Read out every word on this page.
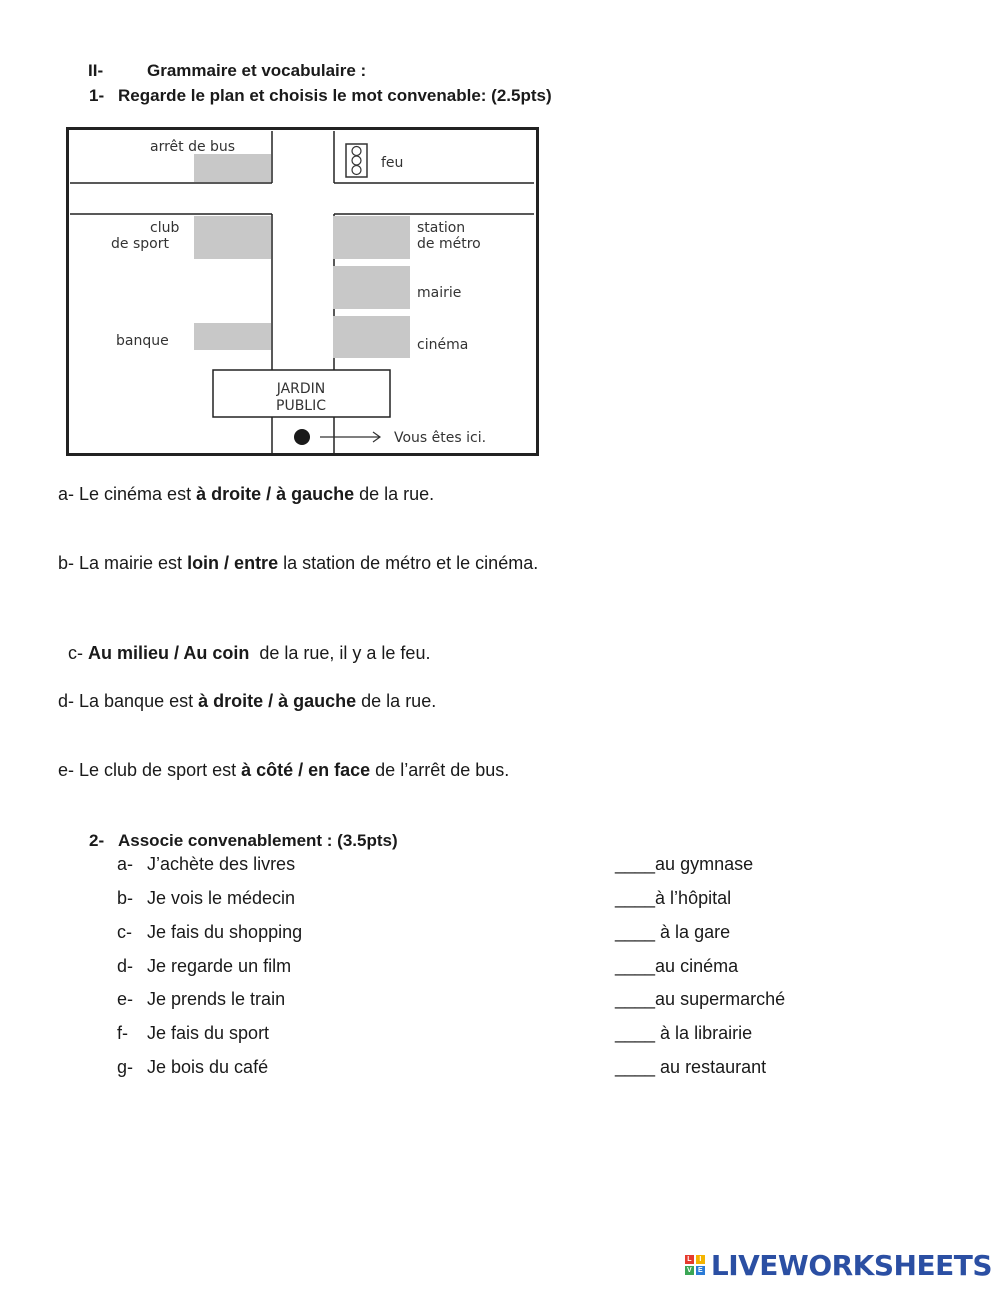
II-	Grammaire et vocabulaire :
1- Regarde le plan et choisis le mot convenable: (2.5pts)
arrêt de bus
feu
club
de sport
station
de métro
mairie
banque	cinéma
JARDIN
PUBLIC
Vous êtes ici.
a- Le cinéma est à droite / à gauche de la rue.
b- La mairie est loin / entre la station de métro et le cinéma.

c- Au milieu / Au coin  de la rue, il y a le feu.

d- La banque est à droite / à gauche de la rue.
e- Le club de sport est à côté / en face de l’arrêt de bus.
2- Associe convenablement : (3.5pts)
a- J’achète des livres	____au gymnase
b- Je vois le médecin	____à l’hôpital
c- Je fais du shopping	____ à la gare
d- Je regarde un film	____au cinéma
e- Je prends le train	____au supermarché
f- Je fais du sport	____ à la librairie
g- Je bois du café	____ au restaurant
L	I
V E LIVEWORKSHEETS
